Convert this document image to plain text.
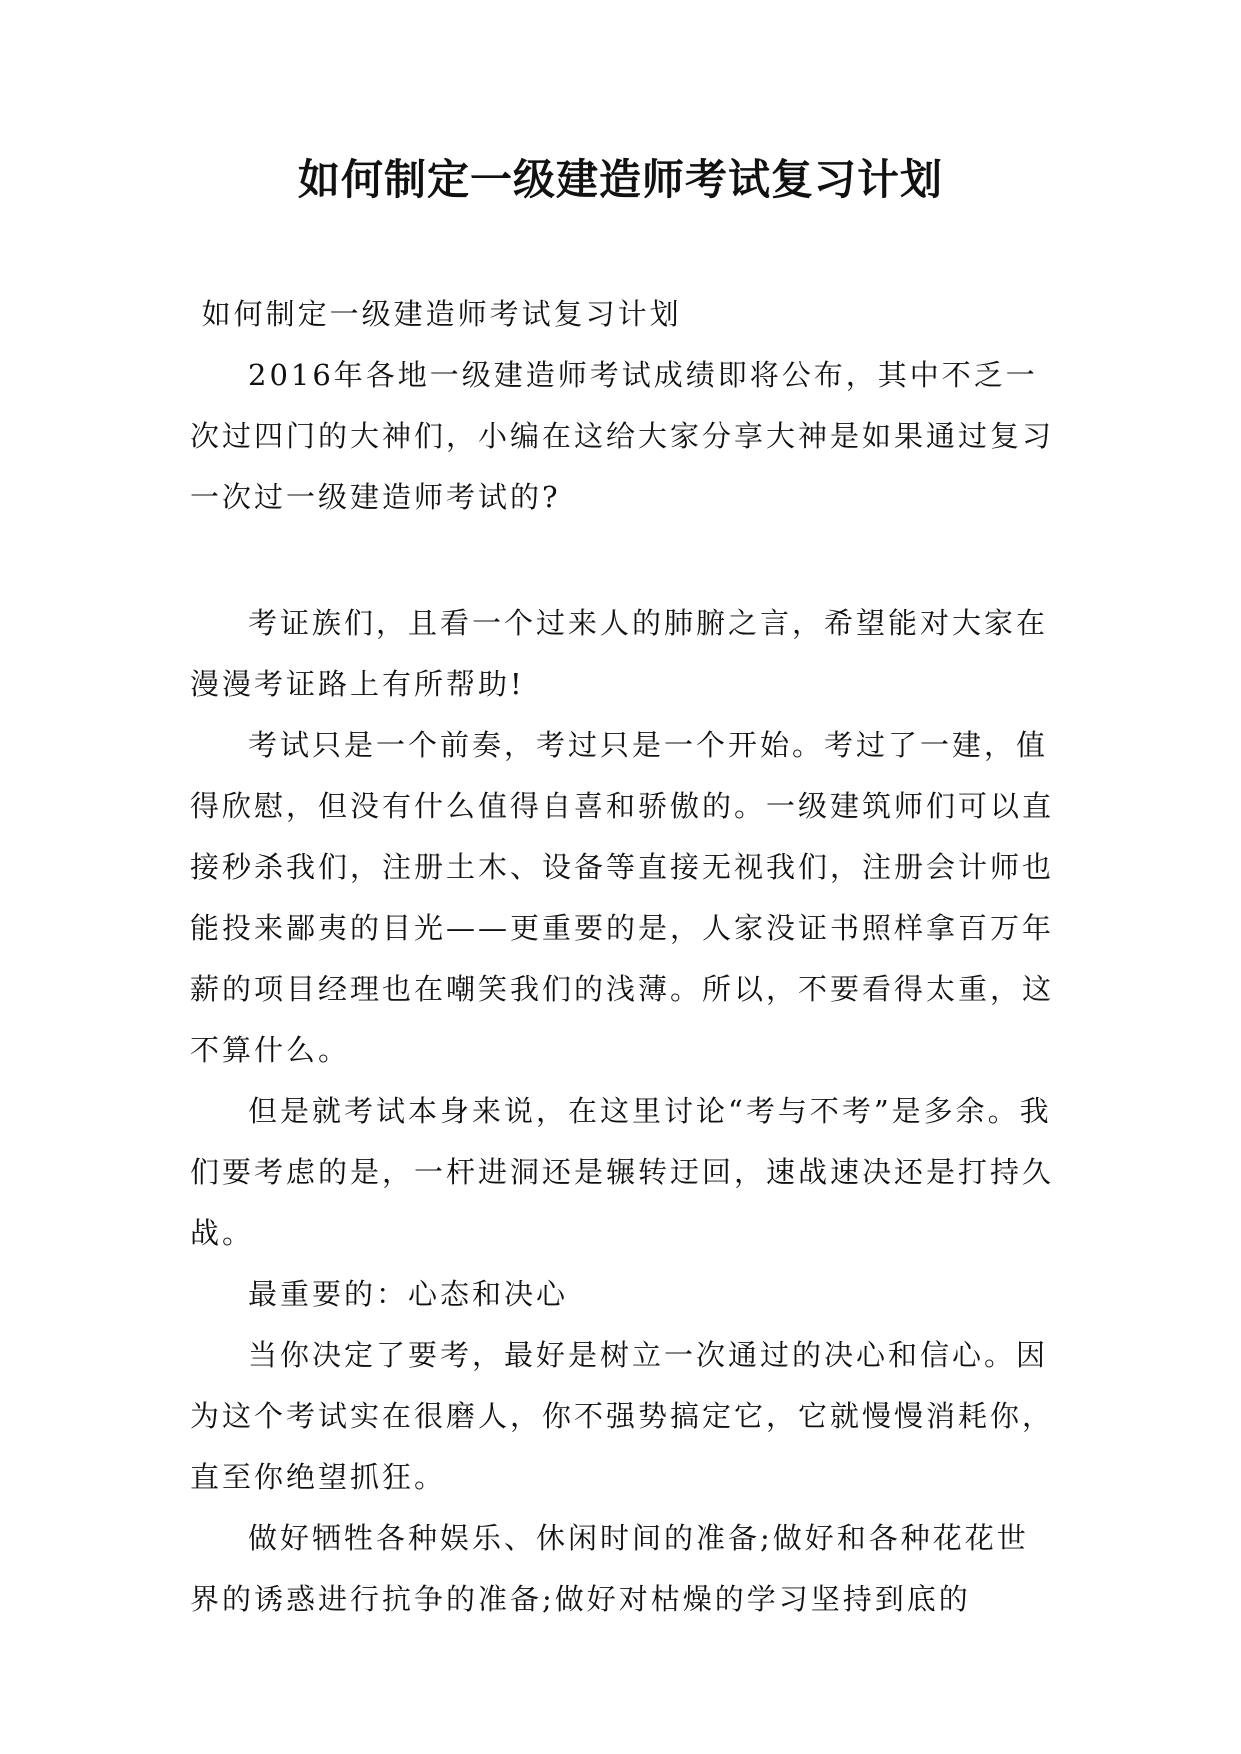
如何制定一级建造师考试复习计划

如何制定一级建造师考试复习计划

2016年各地一级建造师考试成绩即将公布，其中不乏一次过四门的大神们，小编在这给大家分享大神是如果通过复习一次过一级建造师考试的?

考证族们，且看一个过来人的肺腑之言，希望能对大家在漫漫考证路上有所帮助!

考试只是一个前奏，考过只是一个开始。考过了一建，值得欣慰，但没有什么值得自喜和骄傲的。一级建筑师们可以直接秒杀我们，注册土木、设备等直接无视我们，注册会计师也能投来鄙夷的目光——更重要的是，人家没证书照样拿百万年薪的项目经理也在嘲笑我们的浅薄。所以，不要看得太重，这不算什么。

但是就考试本身来说，在这里讨论“考与不考”是多余。我们要考虑的是，一杆进洞还是辗转迂回，速战速决还是打持久战。

最重要的：心态和决心

当你决定了要考，最好是树立一次通过的决心和信心。因为这个考试实在很磨人，你不强势搞定它，它就慢慢消耗你，直至你绝望抓狂。

做好牺牲各种娱乐、休闲时间的准备;做好和各种花花世界的诱惑进行抗争的准备;做好对枯燥的学习坚持到底的
